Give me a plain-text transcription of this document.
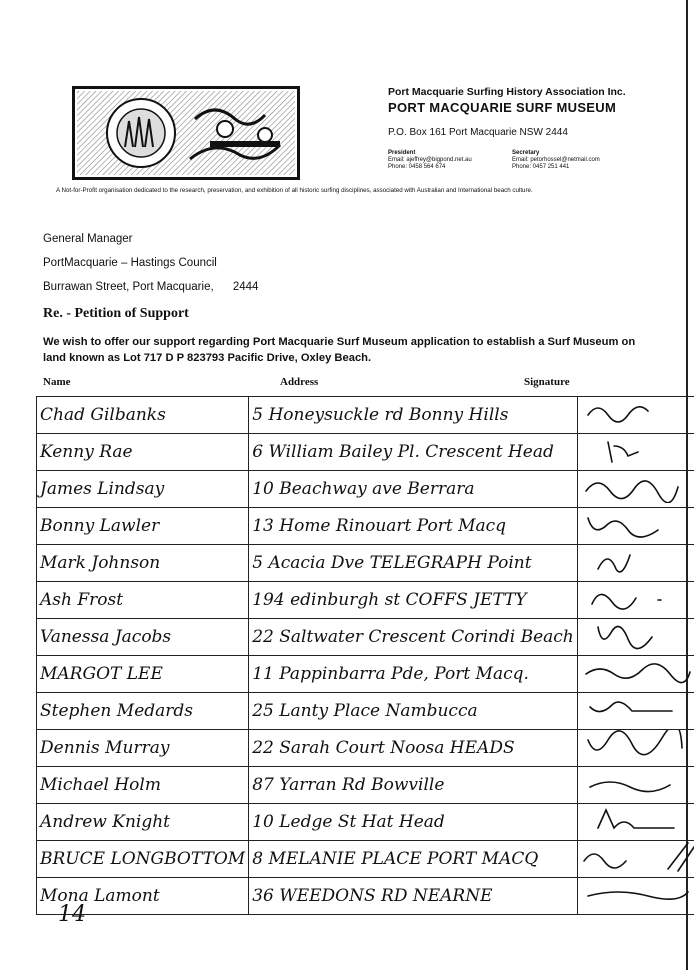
Port Macquarie Surfing History Association Inc.
PORT MACQUARIE SURF MUSEUM
P.O. Box 161 Port Macquarie NSW 2444
President
Email: ajeffrey@bigpond.net.au
Phone: 0458 564 674
Secretary
Email: petorhossel@netmail.com
Phone: 0457 251 441
A Not-for-Profit organisation dedicated to the research, preservation, and exhibition of all historic surfing disciplines, associated with Australian and International beach culture.
General Manager
PortMacquarie – Hastings Council
Burrawan Street, Port Macquarie,      2444
Re. - Petition of Support
We wish to offer our support regarding Port Macquarie Surf Museum application to establish a Surf Museum on land known as Lot 717 D P 823793 Pacific Drive, Oxley Beach.
Name	Address	Signature
Chad Gilbanks	5 Honeysuckle rd Bonny Hills	
Kenny Rae	6 William Bailey Pl. Crescent Head	
James Lindsay	10 Beachway ave Berrara	
Bonny Lawler	13 Home Rinouart Port Macq	
Mark Johnson	5 Acacia Dve TELEGRAPH Point	
Ash Frost	194 edinburgh st COFFS JETTY	
Vanessa Jacobs	22 Saltwater Crescent Corindi Beach	
MARGOT LEE	11 Pappinbarra Pde, Port Macq.	
Stephen Medards	25 Lanty Place Nambucca	
Dennis Murray	22 Sarah Court Noosa HEADS	
Michael Holm	87 Yarran Rd Bowville	
Andrew Knight	10 Ledge St Hat Head	
BRUCE LONGBOTTOM	8 MELANIE PLACE PORT MACQ	
Mona Lamont	36 WEEDONS RD NEARNE	
14
